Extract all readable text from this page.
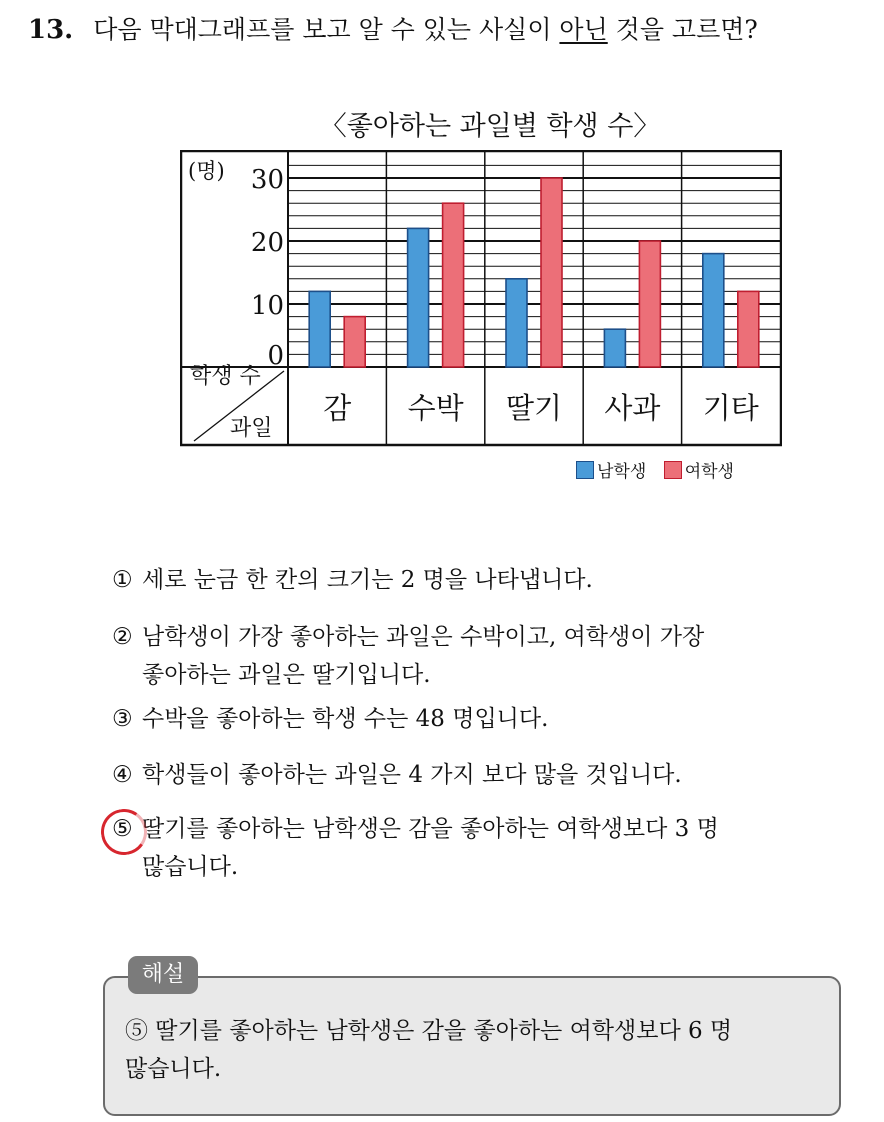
13. 다음 막대그래프를 보고 알 수 있는 사실이 아닌 것을 고르면?
〈좋아하는 과일별 학생 수〉
0
10
20
30
(명)
학생 수
과일
감 수박 딸기 사과 기타
남학생 여학생
① 세로 눈금 한 칸의 크기는 2 명을 나타냅니다.
② 남학생이 가장 좋아하는 과일은 수박이고, 여학생이 가장
좋아하는 과일은 딸기입니다.
③ 수박을 좋아하는 학생 수는 48 명입니다.
④ 학생들이 좋아하는 과일은 4 가지 보다 많을 것입니다.
⑤ 딸기를 좋아하는 남학생은 감을 좋아하는 여학생보다 3 명
많습니다.
해설
⑤ 딸기를 좋아하는 남학생은 감을 좋아하는 여학생보다 6 명
많습니다.
